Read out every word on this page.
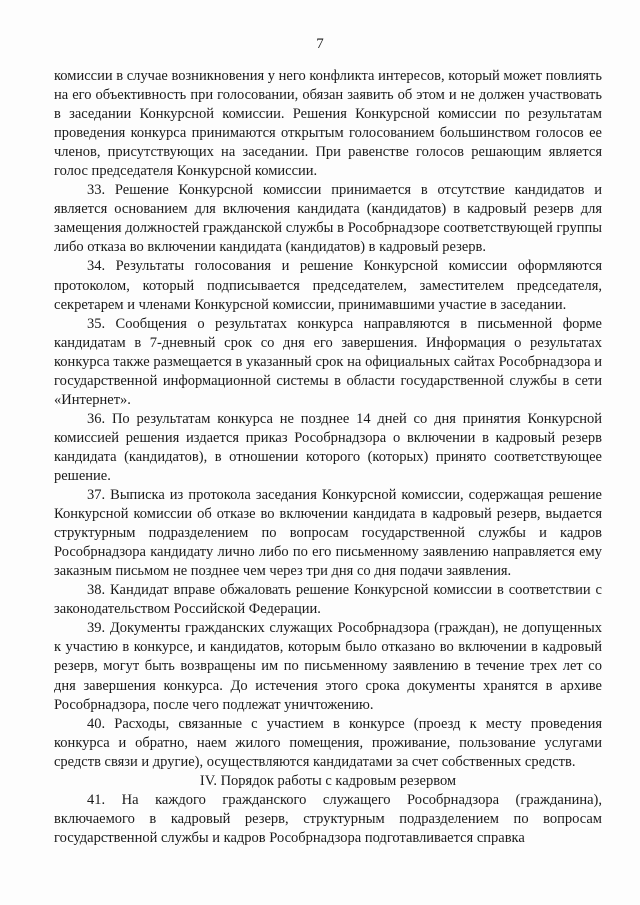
7

комиссии в случае возникновения у него конфликта интересов, который может повлиять на его объективность при голосовании, обязан заявить об этом и не должен участвовать в заседании Конкурсной комиссии. Решения Конкурсной комиссии по результатам проведения конкурса принимаются открытым голосованием большинством голосов ее членов, присутствующих на заседании. При равенстве голосов решающим является голос председателя Конкурсной комиссии.

33. Решение Конкурсной комиссии принимается в отсутствие кандидатов и является основанием для включения кандидата (кандидатов) в кадровый резерв для замещения должностей гражданской службы в Рособрнадзоре соответствующей группы либо отказа во включении кандидата (кандидатов) в кадровый резерв.

34. Результаты голосования и решение Конкурсной комиссии оформляются протоколом, который подписывается председателем, заместителем председателя, секретарем и членами Конкурсной комиссии, принимавшими участие в заседании.

35. Сообщения о результатах конкурса направляются в письменной форме кандидатам в 7-дневный срок со дня его завершения. Информация о результатах конкурса также размещается в указанный срок на официальных сайтах Рособрнадзора и государственной информационной системы в области государственной службы в сети «Интернет».

36. По результатам конкурса не позднее 14 дней со дня принятия Конкурсной комиссией решения издается приказ Рособрнадзора о включении в кадровый резерв кандидата (кандидатов), в отношении которого (которых) принято соответствующее решение.

37. Выписка из протокола заседания Конкурсной комиссии, содержащая решение Конкурсной комиссии об отказе во включении кандидата в кадровый резерв, выдается структурным подразделением по вопросам государственной службы и кадров Рособрнадзора кандидату лично либо по его письменному заявлению направляется ему заказным письмом не позднее чем через три дня со дня подачи заявления.

38. Кандидат вправе обжаловать решение Конкурсной комиссии в соответствии с законодательством Российской Федерации.

39. Документы гражданских служащих Рособрнадзора (граждан), не допущенных к участию в конкурсе, и кандидатов, которым было отказано во включении в кадровый резерв, могут быть возвращены им по письменному заявлению в течение трех лет со дня завершения конкурса. До истечения этого срока документы хранятся в архиве Рособрнадзора, после чего подлежат уничтожению.

40. Расходы, связанные с участием в конкурсе (проезд к месту проведения конкурса и обратно, наем жилого помещения, проживание, пользование услугами средств связи и другие), осуществляются кандидатами за счет собственных средств.

IV. Порядок работы с кадровым резервом

41. На каждого гражданского служащего Рособрнадзора (гражданина), включаемого в кадровый резерв, структурным подразделением по вопросам государственной службы и кадров Рособрнадзора подготавливается справка
